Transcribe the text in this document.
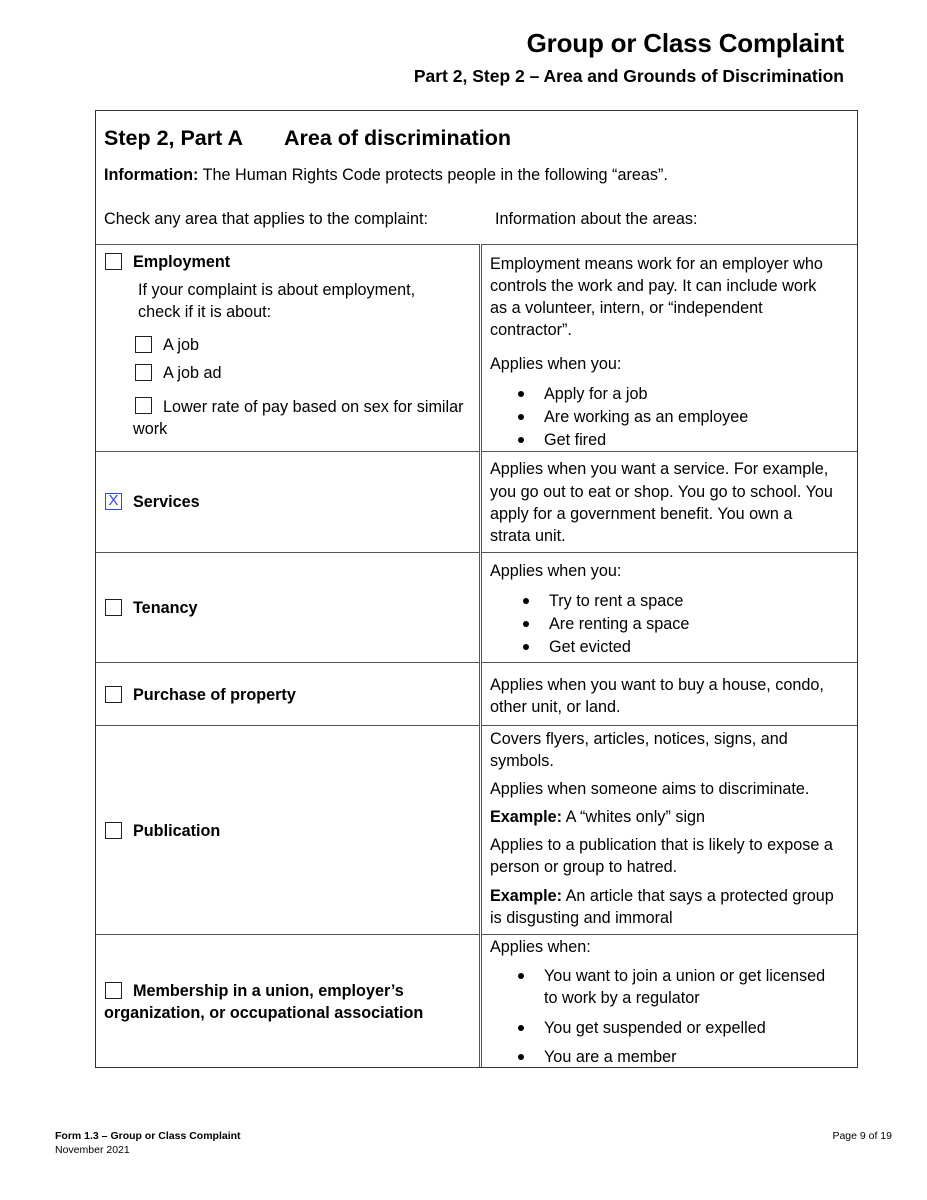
Group or Class Complaint
Part 2, Step 2 – Area and Grounds of Discrimination
Step 2, Part A Area of discrimination
Information: The Human Rights Code protects people in the following “areas”.
Check any area that applies to the complaint:	Information about the areas:
Employment
If your complaint is about employment,
check if it is about:
A job
A job ad
Lower rate of pay based on sex for similar
work
Employment means work for an employer who
controls the work and pay. It can include work
as a volunteer, intern, or “independent
contractor”.
Applies when you:
Apply for a job
Are working as an employee
Get fired
X Services
Applies when you want a service. For example,
you go out to eat or shop. You go to school. You
apply for a government benefit. You own a
strata unit.
Tenancy
Applies when you:
Try to rent a space
Are renting a space
Get evicted
Purchase of property
Applies when you want to buy a house, condo,
other unit, or land.
Publication
Covers flyers, articles, notices, signs, and
symbols.
Applies when someone aims to discriminate.
Example: A “whites only” sign
Applies to a publication that is likely to expose a
person or group to hatred.
Example: An article that says a protected group
is disgusting and immoral
Membership in a union, employer’s
organization, or occupational association
Applies when:
You want to join a union or get licensed
to work by a regulator
You get suspended or expelled
You are a member
Form 1.3 – Group or Class Complaint
November 2021
Page 9 of 19
